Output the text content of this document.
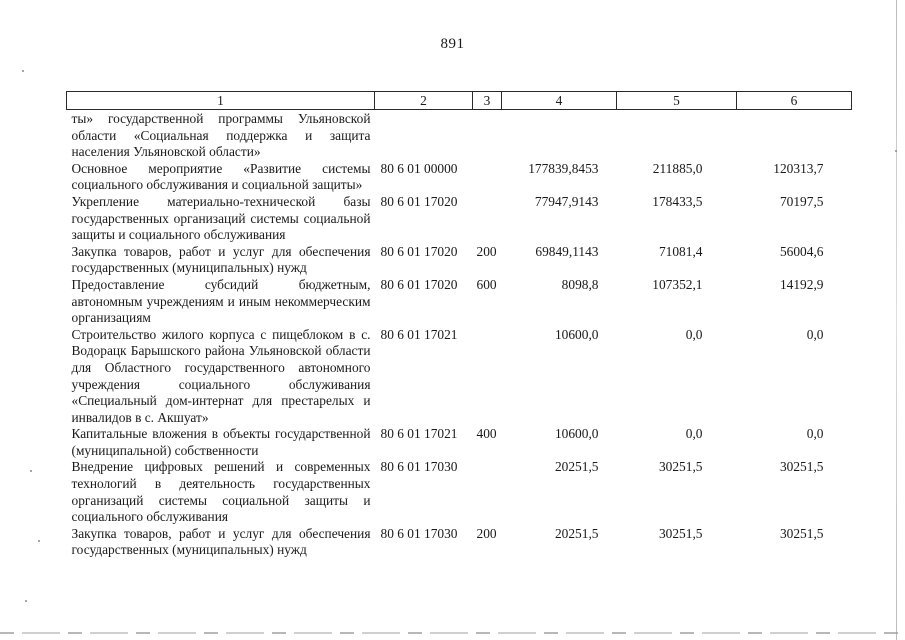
891
1	2	3	4	5	6
ты» государственной программы Ульяновской области «Социальная поддержка и защита населения Ульяновской области»					
Основное мероприятие «Развитие системы социального обслуживания и социальной защиты»	80 6 01 00000		177839,8453	211885,0	120313,7
Укрепление материально-технической базы государственных организаций системы социальной защиты и социального обслуживания	80 6 01 17020		77947,9143	178433,5	70197,5
Закупка товаров, работ и услуг для обеспечения государственных (муниципальных) нужд	80 6 01 17020	200	69849,1143	71081,4	56004,6
Предоставление субсидий бюджетным, автономным учреждениям и иным некоммерческим организациям	80 6 01 17020	600	8098,8	107352,1	14192,9
Строительство жилого корпуса с пищеблоком в с. Водорацк Барышского района Ульяновской области для Областного государственного автономного учреждения социального обслуживания «Специальный дом-интернат для престарелых и инвалидов в с. Акшуат»	80 6 01 17021		10600,0	0,0	0,0
Капитальные вложения в объекты государственной (муниципальной) собственности	80 6 01 17021	400	10600,0	0,0	0,0
Внедрение цифровых решений и современных технологий в деятельность государственных организаций системы социальной защиты и социального обслуживания	80 6 01 17030		20251,5	30251,5	30251,5
Закупка товаров, работ и услуг для обеспечения государственных (муниципальных) нужд	80 6 01 17030	200	20251,5	30251,5	30251,5
